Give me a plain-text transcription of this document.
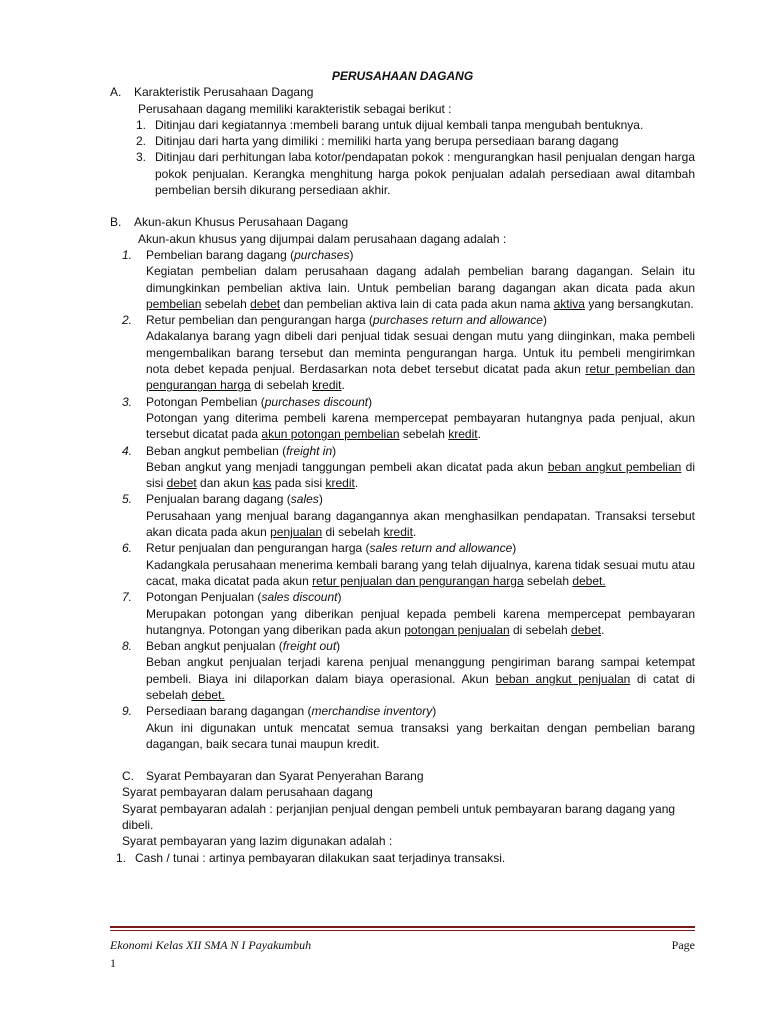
PERUSAHAAN DAGANG
A.	Karakteristik Perusahaan Dagang
Perusahaan dagang memiliki karakteristik sebagai berikut :
1. Ditinjau dari kegiatannya :membeli barang untuk dijual kembali tanpa mengubah bentuknya.
2. Ditinjau dari harta yang dimiliki : memiliki harta yang berupa persediaan barang dagang
3. Ditinjau dari perhitungan laba kotor/pendapatan pokok : mengurangkan hasil penjualan dengan harga pokok penjualan. Kerangka menghitung harga pokok penjualan adalah persediaan awal ditambah pembelian bersih dikurang persediaan akhir.
B.	Akun-akun Khusus Perusahaan Dagang
Akun-akun khusus yang dijumpai dalam perusahaan dagang adalah :
1.	Pembelian barang dagang (purchases)
Kegiatan pembelian dalam perusahaan dagang adalah pembelian barang dagangan. Selain itu dimungkinkan pembelian aktiva lain. Untuk pembelian barang dagangan akan dicata pada akun pembelian sebelah debet dan pembelian aktiva lain di cata pada akun nama aktiva yang bersangkutan.
2.	Retur pembelian dan pengurangan harga (purchases return and allowance)
Adakalanya barang yagn dibeli dari penjual tidak sesuai dengan mutu yang diinginkan, maka pembeli mengembalikan barang tersebut dan meminta pengurangan harga. Untuk itu pembeli mengirimkan nota debet kepada penjual. Berdasarkan nota debet tersebut dicatat pada akun retur pembelian dan pengurangan harga di sebelah kredit.
3.	Potongan Pembelian (purchases discount)
Potongan yang diterima pembeli karena mempercepat pembayaran hutangnya pada penjual, akun tersebut dicatat pada akun potongan pembelian sebelah kredit.
4.	Beban angkut pembelian (freight in)
Beban angkut yang menjadi tanggungan pembeli akan dicatat pada akun beban angkut pembelian di sisi debet dan akun kas pada sisi kredit.
5.	Penjualan barang dagang (sales)
Perusahaan yang menjual barang dagangannya akan menghasilkan pendapatan. Transaksi tersebut akan dicata pada akun penjualan di sebelah kredit.
6.	Retur penjualan dan pengurangan harga (sales return and allowance)
Kadangkala perusahaan menerima kembali barang yang telah dijualnya, karena tidak sesuai mutu atau cacat, maka dicatat pada akun retur penjualan dan pengurangan harga sebelah debet.
7.	Potongan Penjualan (sales discount)
Merupakan potongan yang diberikan penjual kepada pembeli karena mempercepat pembayaran hutangnya. Potongan yang diberikan pada akun potongan penjualan di sebelah debet.
8.	Beban angkut penjualan (freight out)
Beban angkut penjualan terjadi karena penjual menanggung pengiriman barang sampai ketempat pembeli. Biaya ini dilaporkan dalam biaya operasional. Akun beban angkut penjualan di catat di sebelah debet.
9.	Persediaan barang dagangan (merchandise inventory)
Akun ini digunakan untuk mencatat semua transaksi yang berkaitan dengan pembelian barang dagangan, baik secara tunai maupun kredit.
C.	Syarat Pembayaran dan Syarat Penyerahan Barang
Syarat pembayaran dalam perusahaan dagang
Syarat pembayaran adalah : perjanjian penjual dengan pembeli untuk pembayaran barang dagang yang dibeli.
Syarat pembayaran yang lazim digunakan adalah :
1. Cash / tunai : artinya pembayaran dilakukan saat terjadinya transaksi.
Ekonomi Kelas XII SMA N I Payakumbuh	Page
1
